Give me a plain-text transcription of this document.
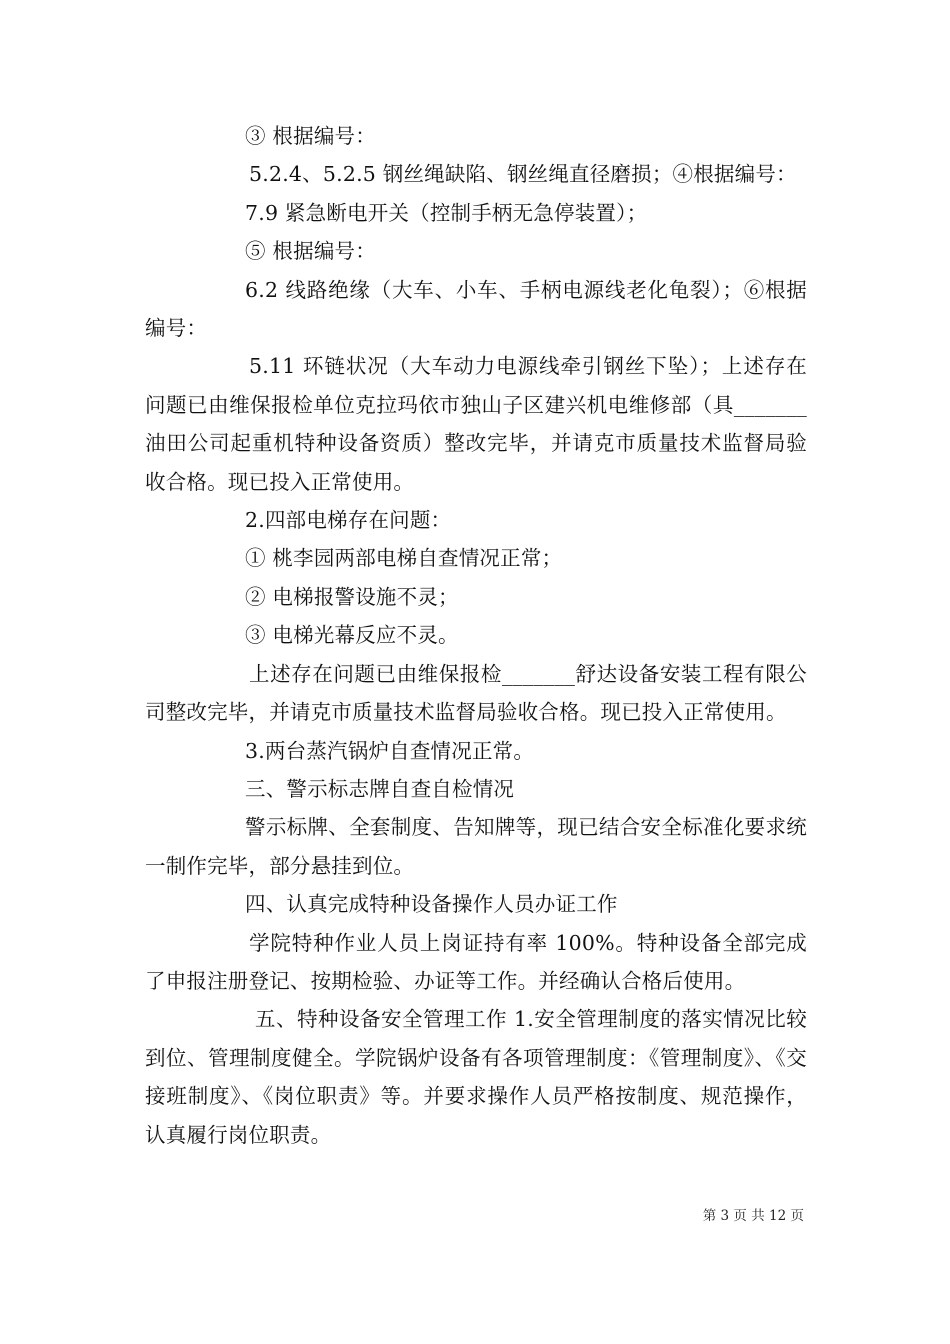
③ 根据编号：

5.2.4、5.2.5 钢丝绳缺陷、钢丝绳直径磨损；④根据编号：

7.9 紧急断电开关（控制手柄无急停装置）；

⑤ 根据编号：

6.2 线路绝缘（大车、小车、手柄电源线老化龟裂）；⑥根据编号：

5.11 环链状况（大车动力电源线牵引钢丝下坠）；上述存在问题已由维保报检单位克拉玛依市独山子区建兴机电维修部（具_______油田公司起重机特种设备资质）整改完毕，并请克市质量技术监督局验收合格。现已投入正常使用。

2.四部电梯存在问题：

① 桃李园两部电梯自查情况正常；

② 电梯报警设施不灵；

③ 电梯光幕反应不灵。

上述存在问题已由维保报检_______舒达设备安装工程有限公司整改完毕，并请克市质量技术监督局验收合格。现已投入正常使用。

3.两台蒸汽锅炉自查情况正常。

三、警示标志牌自查自检情况

警示标牌、全套制度、告知牌等，现已结合安全标准化要求统一制作完毕，部分悬挂到位。

四、认真完成特种设备操作人员办证工作

学院特种作业人员上岗证持有率 100%。特种设备全部完成了申报注册登记、按期检验、办证等工作。并经确认合格后使用。

五、特种设备安全管理工作 1.安全管理制度的落实情况比较到位、管理制度健全。学院锅炉设备有各项管理制度：《管理制度》、《交接班制度》、《岗位职责》等。并要求操作人员严格按制度、规范操作，认真履行岗位职责。

第 3 页 共 12 页
